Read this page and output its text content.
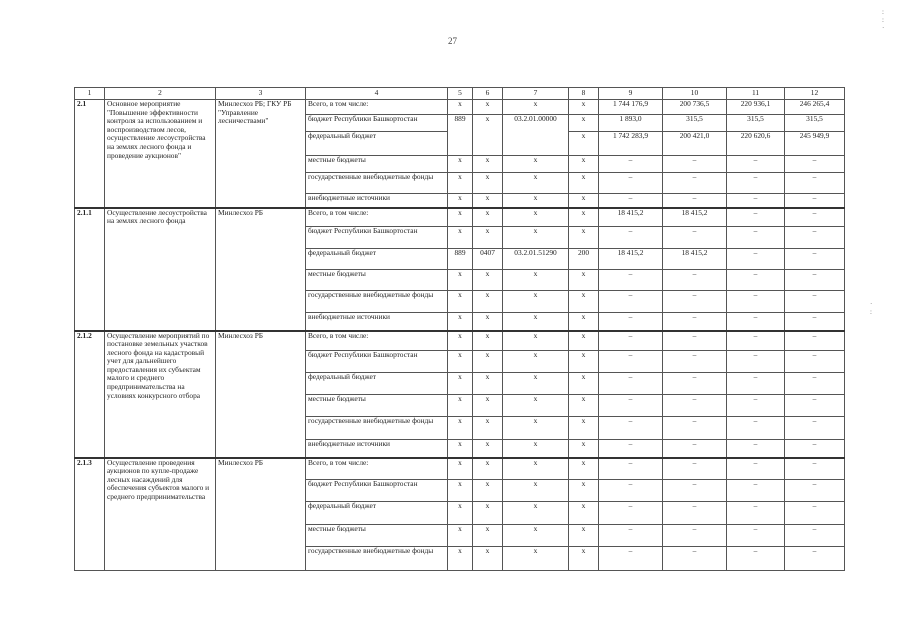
27
:
:
·
·
:
1	2	3	4	5	6	7	8	9	10	11	12
2.1	Основное мероприятие "Повышение эффективности контроля за использованием и воспроизводством лесов, осуществление лесоустройства на землях лесного фонда и проведение аукционов"	Минлесхоз РБ; ГКУ РБ "Управление лесничествами"	Всего, в том числе:	x	x	x	x	1 744 176,9	200 736,5	220 936,1	246 265,4
			бюджет Республики Башкортостан	889	x	03.2.01.00000	x	1 893,0	315,5	315,5	315,5
			федеральный бюджет				x	1 742 283,9	200 421,0	220 620,6	245 949,9
			местные бюджеты	x	x	x	x	–	–	–	–
			государственные внебюджетные фонды	x	x	x	x	–	–	–	–
			внебюджетные источники	x	x	x	x	–	–	–	–
2.1.1	Осуществление лесоустройства на землях лесного фонда	Минлесхоз РБ	Всего, в том числе:	x	x	x	x	18 415,2	18 415,2	–	–
			бюджет Республики Башкортостан	x	x	x	x	–	–	–	–
			федеральный бюджет	889	0407	03.2.01.51290	200	18 415,2	18 415,2	–	–
			местные бюджеты	x	x	x	x	–	–	–	–
			государственные внебюджетные фонды	x	x	x	x	–	–	–	–
			внебюджетные источники	x	x	x	x	–	–	–	–
2.1.2	Осуществление мероприятий по постановке земельных участков лесного фонда на кадастровый учет для дальнейшего предоставления их субъектам малого и среднего предпринимательства на условиях конкурсного отбора	Минлесхоз РБ	Всего, в том числе:	x	x	x	x	–	–	–	–
			бюджет Республики Башкортостан	x	x	x	x	–	–	–	–
			федеральный бюджет	x	x	x	x	–	–	–	–
			местные бюджеты	x	x	x	x	–	–	–	–
			государственные внебюджетные фонды	x	x	x	x	–	–	–	–
			внебюджетные источники	x	x	x	x	–	–	–	–
2.1.3	Осуществление проведения аукционов по купле-продаже лесных насаждений для обеспечения субъектов малого и среднего предпринимательства	Минлесхоз РБ	Всего, в том числе:	x	x	x	x	–	–	–	–
			бюджет Республики Башкортостан	x	x	x	x	–	–	–	–
			федеральный бюджет	x	x	x	x	–	–	–	–
			местные бюджеты	x	x	x	x	–	–	–	–
			государственные внебюджетные фонды	x	x	x	x	–	–	–	–
